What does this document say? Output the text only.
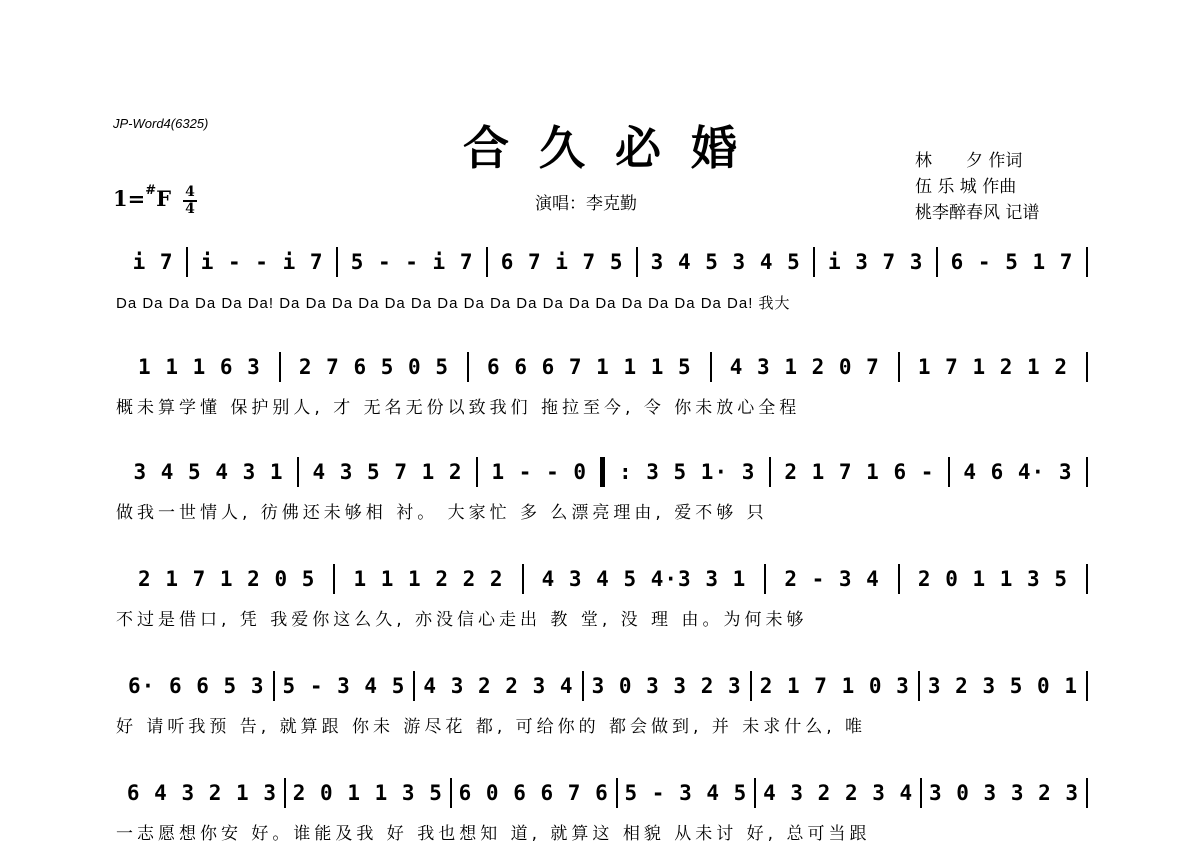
JP-Word4(6325)	合久必婚
1= # F 4
4	演唱：李克勤
林　　夕 作词
伍 乐 城 作曲
桃李醉春风 记谱
i 7	i - - i 7	5 - - i 7	6 7 i 7 5	3 4 5 3 4 5	i 3 7 3	6 - 5 1 7
Da Da Da Da Da Da! Da Da Da Da Da Da Da Da Da Da Da Da Da Da Da Da Da Da! 我大
1 1 1 6 3	2 7 6 5 0 5	6 6 6 7 1 1 1 5	4 3 1 2 0 7	1 7 1 2 1 2
概未算学懂 保护别人, 才 无名无份以致我们 拖拉至今, 令 你未放心全程
3 4 5 4 3 1	4 3 5 7 1 2	1 - - 0	: 3 5 1· 3	2 1 7 1 6 -	4 6 4· 3
做我一世情人, 彷佛还未够相 衬。 大家忙 多 么漂亮理由, 爱不够 只
2 1 7 1 2 0 5	1 1 1 2 2 2	4 3 4 5 4·3 3 1	2 - 3 4	2 0 1 1 3 5
不过是借口, 凭 我爱你这么久, 亦没信心走出 教 堂, 没 理 由。为何未够
6· 6 6 5 3 5 - 3 4 5 4 3 2 2 3 4 3 0 3 3 2 3 2 1 7 1 0 3 3 2 3 5 0 1
好 请听我预 告, 就算跟 你未 游尽花 都, 可给你的 都会做到, 并 未求什么, 唯
6 4 3 2 1 3 2 0 1 1 3 5 6 0 6 6 7 6 5 - 3 4 5 4 3 2 2 3 4 3 0 3 3 2 3
一志愿想你安 好。谁能及我 好 我也想知 道, 就算这 相貌 从未讨 好, 总可当跟
